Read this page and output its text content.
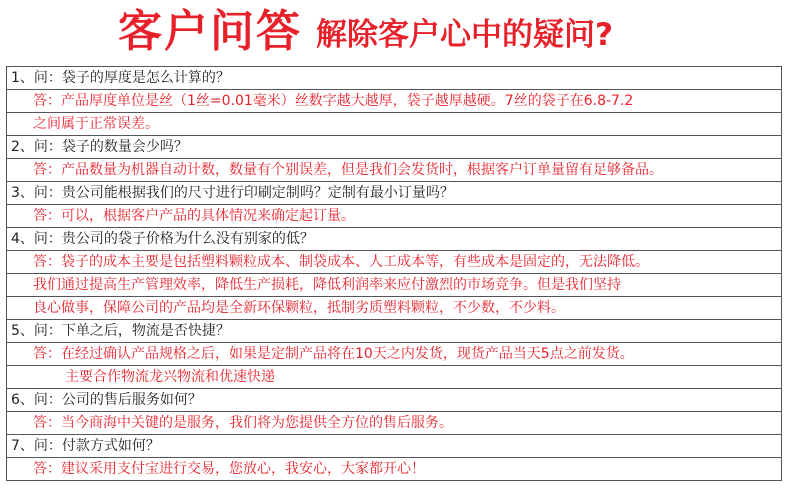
客户问答 解除客户心中的疑问?
1、问：袋子的厚度是怎么计算的？
答：产品厚度单位是丝（1丝=0.01毫米）丝数字越大越厚，袋子越厚越硬。7丝的袋子在6.8-7.2
之间属于正常误差。
2、问：袋子的数量会少吗？
答：产品数量为机器自动计数，数量有个别误差，但是我们会发货时，根据客户订单量留有足够备品。
3、问：贵公司能根据我们的尺寸进行印刷定制吗？定制有最小订量吗？
答：可以，根据客户产品的具体情况来确定起订量。
4、问：贵公司的袋子价格为什么没有别家的低？
答：袋子的成本主要是包括塑料颗粒成本、制袋成本、人工成本等，有些成本是固定的，无法降低。
我们通过提高生产管理效率，降低生产损耗，降低利润率来应付激烈的市场竞争。但是我们坚持
良心做事，保障公司的产品均是全新环保颗粒，抵制劣质塑料颗粒，不少数，不少料。
5、问：下单之后，物流是否快捷？
答：在经过确认产品规格之后，如果是定制产品将在10天之内发货，现货产品当天5点之前发货。
主要合作物流龙兴物流和优速快递
6、问：公司的售后服务如何？
答：当今商海中关键的是服务，我们将为您提供全方位的售后服务。
7、问：付款方式如何？
答：建议采用支付宝进行交易，您放心，我安心，大家都开心！
